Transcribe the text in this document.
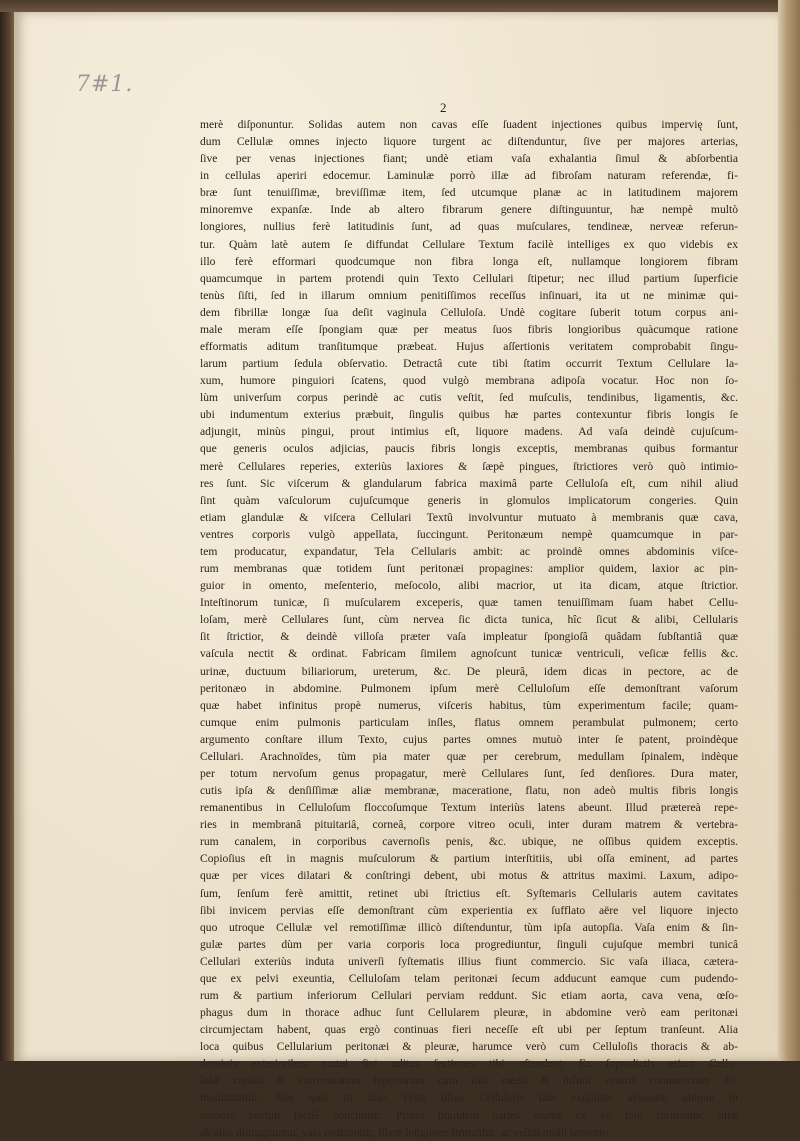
7#1.
2
merè diſponuntur. Solidas autem non cavas eſſe ſuadent injectiones quibus impervię ſunt,
dum Cellulæ omnes injecto liquore turgent ac diſtenduntur, ſive per majores arterias,
ſive per venas injectiones fiant; undè etiam vaſa exhalantia ſimul & abſorbentia
in cellulas aperiri edocemur. Laminulæ porrò illæ ad fibroſam naturam referendæ, fi-
bræ ſunt tenuiſſimæ, breviſſimæ item, ſed utcumque planæ ac in latitudinem majorem
minoremve expanſæ. Inde ab altero fibrarum genere diſtinguuntur, hæ nempè multò
longiores, nullius ferè latitudinis ſunt, ad quas muſculares, tendineæ, nerveæ referun-
tur. Quàm latè autem ſe diffundat Cellulare Textum facilè intelliges ex quo videbis ex
illo ferè efformari quodcumque non fibra longa eſt, nullamque longiorem fibram
quamcumque in partem protendi quin Texto Cellulari ſtipetur; nec illud partium ſuperficie
tenùs ſiſti, ſed in illarum omnium penitiſſimos receſſus inſinuari, ita ut ne minimæ qui-
dem fibrillæ longæ ſua deſit vaginula Celluloſa. Undè cogitare ſuberit totum corpus ani-
male meram eſſe ſpongiam quæ per meatus ſuos fibris longioribus quàcumque ratione
efformatis aditum tranſitumque præbeat. Hujus aſſertionis veritatem comprobabit ſingu-
larum partium ſedula obſervatio. Detractâ cute tibi ſtatim occurrit Textum Cellulare la-
xum, humore pinguiori ſcatens, quod vulgò membrana adipoſa vocatur. Hoc non ſo-
lùm univerſum corpus perindè ac cutis veſtit, ſed muſculis, tendinibus, ligamentis, &c.
ubi indumentum exterius præbuit, ſingulis quibus hæ partes contexuntur fibris longis ſe
adjungit, minùs pingui, prout intimius eſt, liquore madens. Ad vaſa deindè cujuſcum-
que generis oculos adjicias, paucis fibris longis exceptis, membranas quibus formantur
merè Cellulares reperies, exteriùs laxiores & ſæpè pingues, ſtrictiores verò quò intimio-
res ſunt. Sic viſcerum & glandularum fabrica maximâ parte Celluloſa eſt, cum nihil aliud
ſint quàm vaſculorum cujuſcumque generis in glomulos implicatorum congeries. Quin
etiam glandulæ & viſcera Cellulari Textû involvuntur mutuato à membranis quæ cava,
ventres corporis vulgò appellata, ſuccingunt. Peritonæum nempè quamcumque in par-
tem producatur, expandatur, Tela Cellularis ambit: ac proindè omnes abdominis viſce-
rum membranas quæ totidem ſunt peritonæi propagines: amplior quidem, laxior ac pin-
guior in omento, meſenterio, meſocolo, alibi macrior, ut ita dicam, atque ſtrictior.
Inteſtinorum tunicæ, ſi muſcularem exceperis, quæ tamen tenuiſſimam ſuam habet Cellu-
loſam, merè Cellulares ſunt, cùm nervea ſic dicta tunica, hîc ſicut & alibi, Cellularis
ſit ſtrictior, & deindè villoſa præter vaſa impleatur ſpongioſâ quâdam ſubſtantiâ quæ
vaſcula nectit & ordinat. Fabricam ſimilem agnoſcunt tunicæ ventriculi, veſicæ fellis &c.
urinæ, ductuum biliariorum, ureterum, &c. De pleurâ, idem dicas in pectore, ac de
peritonæo in abdomine. Pulmonem ipſum merè Celluloſum eſſe demonſtrant vaſorum
quæ habet infinitus propè numerus, viſceris habitus, tùm experimentum facile; quam-
cumque enim pulmonis particulam inſles, flatus omnem perambulat pulmonem; certo
argumento conſtare illum Texto, cujus partes omnes mutuò inter ſe patent, proindèque
Cellulari. Arachnoïdes, tùm pia mater quæ per cerebrum, medullam ſpinalem, indèque
per totum nervoſum genus propagatur, merè Cellulares ſunt, ſed denſiores. Dura mater,
cutis ipſa & denſiſſimæ aliæ membranæ, maceratione, flatu, non adeò multis fibris longis
remanentibus in Celluloſum floccoſumque Textum interiùs latens abeunt. Illud prætereà repe-
ries in membranâ pituitariâ, corneâ, corpore vitreo oculi, inter duram matrem & vertebra-
rum canalem, in corporibus cavernoſis penis, &c. ubique, ne oſſibus quidem exceptis.
Copioſius eſt in magnis muſculorum & partium interſtitiis, ubi oſſa eminent, ad partes
quæ per vices dilatari & conſtringi debent, ubi motus & attritus maximi. Laxum, adipo-
ſum, ſenſum ferè amittit, retinet ubi ſtrictius eſt. Syſtemaris Cellularis autem cavitates
ſibi invicem pervias eſſe demonſtrant cùm experientia ex ſufflato aëre vel liquore injecto
quo utroque Cellulæ vel remotiſſimæ illicò diſtenduntur, tùm ipſa autopſia. Vaſa enim & ſin-
gulæ partes dùm per varia corporis loca progrediuntur, ſinguli cujuſque membri tunicâ
Cellulari exteriùs induta univerſi ſyſtematis illius fiunt commercio. Sic vaſa iliaca, cætera-
que ex pelvi exeuntia, Celluloſam telam peritonæi ſecum adducunt eamque cum pudendo-
rum & partium inferiorum Cellulari perviam reddunt. Sic etiam aorta, cava vena, œſo-
phagus dum in thorace adhuc ſunt Cellularem pleuræ, in abdomine verò eam peritonæi
circumjectam habent, quas ergò continuas fieri neceſſe eſt ubi per ſeptum tranſeunt. Alia
loca quibus Cellularium peritonæi & pleuræ, harumce verò cum Celluloſis thoracis & ab-
dominis exterioribus mutui ſint aditus ſectiones tibi oſtendent. Ex ſupradictis etiam Cellu-
loſæ capitis & extremitatum ſuperiorum cum illis medii & infimi ventris commercium de-
monſtrabitur. Jam quis ſit uſus Texti illius Cellularis tam exquiſito apparatu ubique in
corpore profuſi facilè concipitur. Primò ſiquidem partes multæ ex eo ſolo formantur, aliæ
ab aliis diſtinguuntur, vaſa ordinantur, fibræ longiores firmantur, ac veluti molli tomento
